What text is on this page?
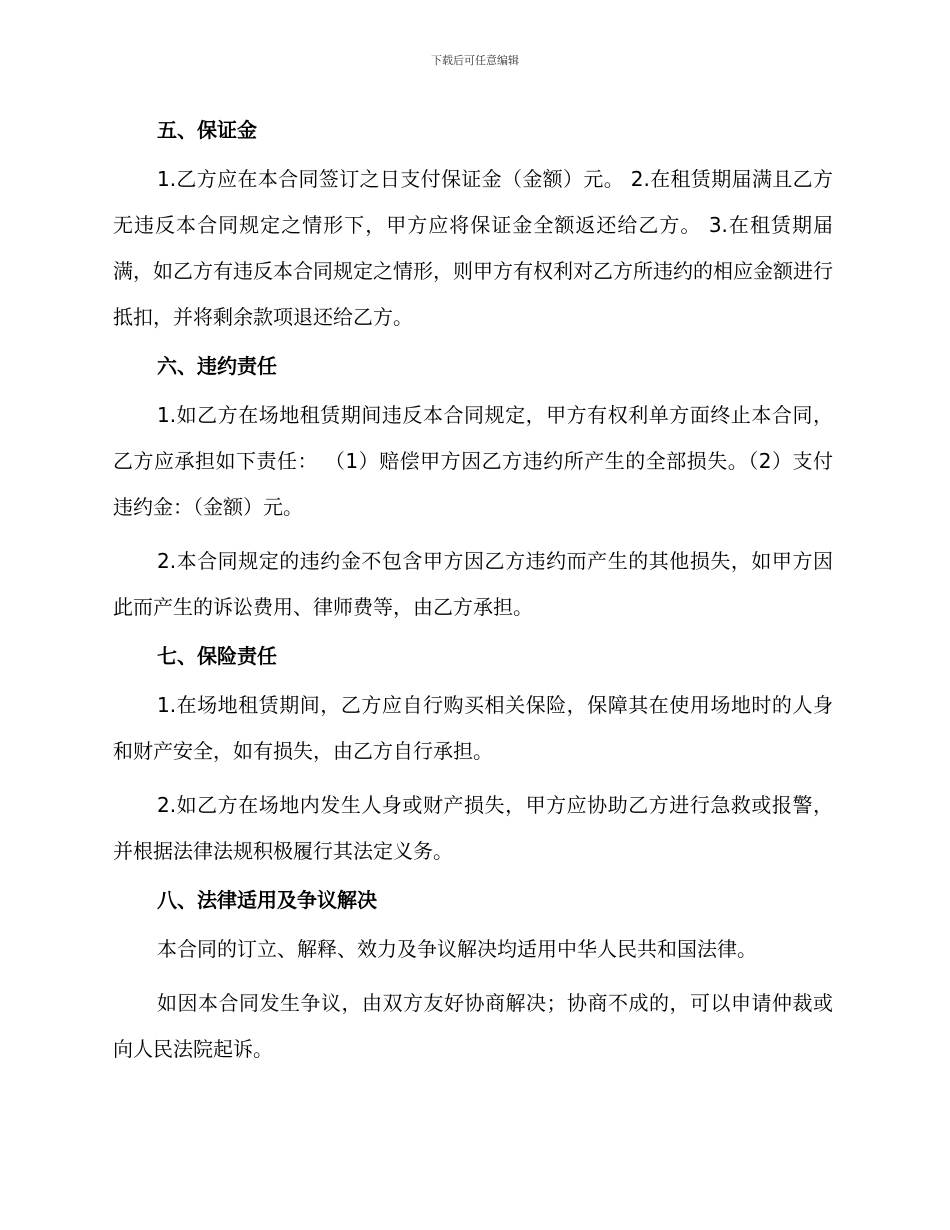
下载后可任意编辑
五、保证金

1.乙方应在本合同签订之日支付保证金（金额）元。 2.在租赁期届满且乙方无违反本合同规定之情形下，甲方应将保证金全额返还给乙方。 3.在租赁期届满，如乙方有违反本合同规定之情形，则甲方有权利对乙方所违约的相应金额进行抵扣，并将剩余款项退还给乙方。

六、违约责任

1.如乙方在场地租赁期间违反本合同规定，甲方有权利单方面终止本合同，乙方应承担如下责任： （1）赔偿甲方因乙方违约所产生的全部损失。（2）支付违约金：（金额）元。

2.本合同规定的违约金不包含甲方因乙方违约而产生的其他损失，如甲方因此而产生的诉讼费用、律师费等，由乙方承担。

七、保险责任

1.在场地租赁期间，乙方应自行购买相关保险，保障其在使用场地时的人身和财产安全，如有损失，由乙方自行承担。

2.如乙方在场地内发生人身或财产损失，甲方应协助乙方进行急救或报警，并根据法律法规积极履行其法定义务。

八、法律适用及争议解决

本合同的订立、解释、效力及争议解决均适用中华人民共和国法律。

如因本合同发生争议，由双方友好协商解决；协商不成的，可以申请仲裁或向人民法院起诉。
